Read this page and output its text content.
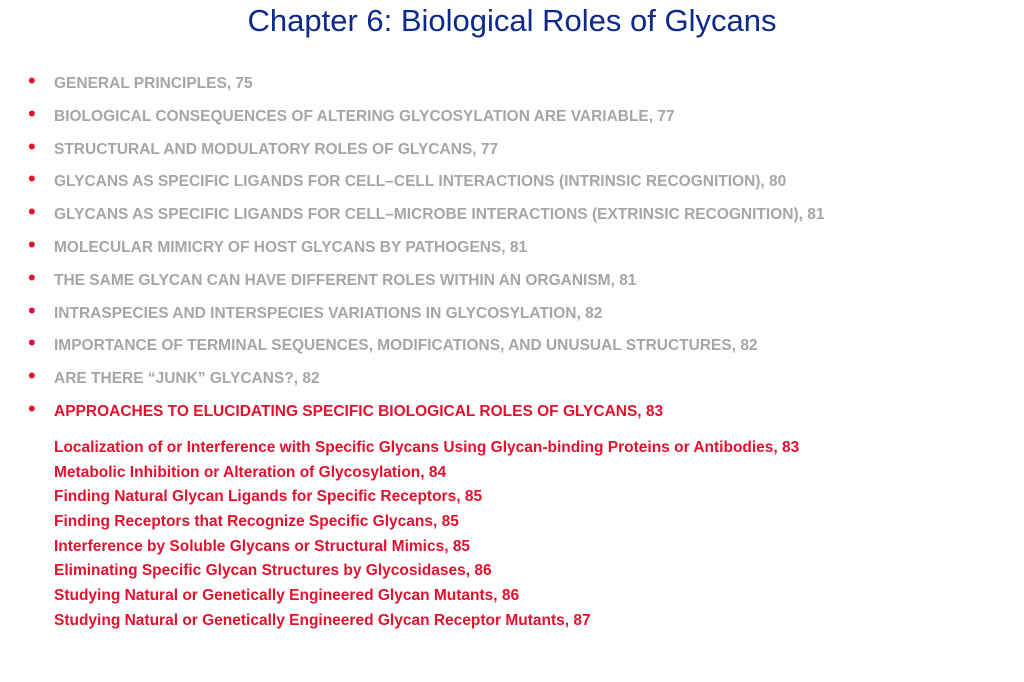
Chapter 6: Biological Roles of Glycans
• GENERAL PRINCIPLES, 75
• BIOLOGICAL CONSEQUENCES OF ALTERING GLYCOSYLATION ARE VARIABLE, 77
• STRUCTURAL AND MODULATORY ROLES OF GLYCANS, 77
• GLYCANS AS SPECIFIC LIGANDS FOR CELL–CELL INTERACTIONS (INTRINSIC RECOGNITION), 80
• GLYCANS AS SPECIFIC LIGANDS FOR CELL–MICROBE INTERACTIONS (EXTRINSIC RECOGNITION), 81
• MOLECULAR MIMICRY OF HOST GLYCANS BY PATHOGENS, 81
• THE SAME GLYCAN CAN HAVE DIFFERENT ROLES WITHIN AN ORGANISM, 81
• INTRASPECIES AND INTERSPECIES VARIATIONS IN GLYCOSYLATION, 82
• IMPORTANCE OF TERMINAL SEQUENCES, MODIFICATIONS, AND UNUSUAL STRUCTURES, 82
• ARE THERE “JUNK” GLYCANS?, 82
• APPROACHES TO ELUCIDATING SPECIFIC BIOLOGICAL ROLES OF GLYCANS, 83
Localization of or Interference with Specific Glycans Using Glycan-binding Proteins or Antibodies, 83
Metabolic Inhibition or Alteration of Glycosylation, 84
Finding Natural Glycan Ligands for Specific Receptors, 85
Finding Receptors that Recognize Specific Glycans, 85
Interference by Soluble Glycans or Structural Mimics, 85
Eliminating Specific Glycan Structures by Glycosidases, 86
Studying Natural or Genetically Engineered Glycan Mutants, 86
Studying Natural or Genetically Engineered Glycan Receptor Mutants, 87
